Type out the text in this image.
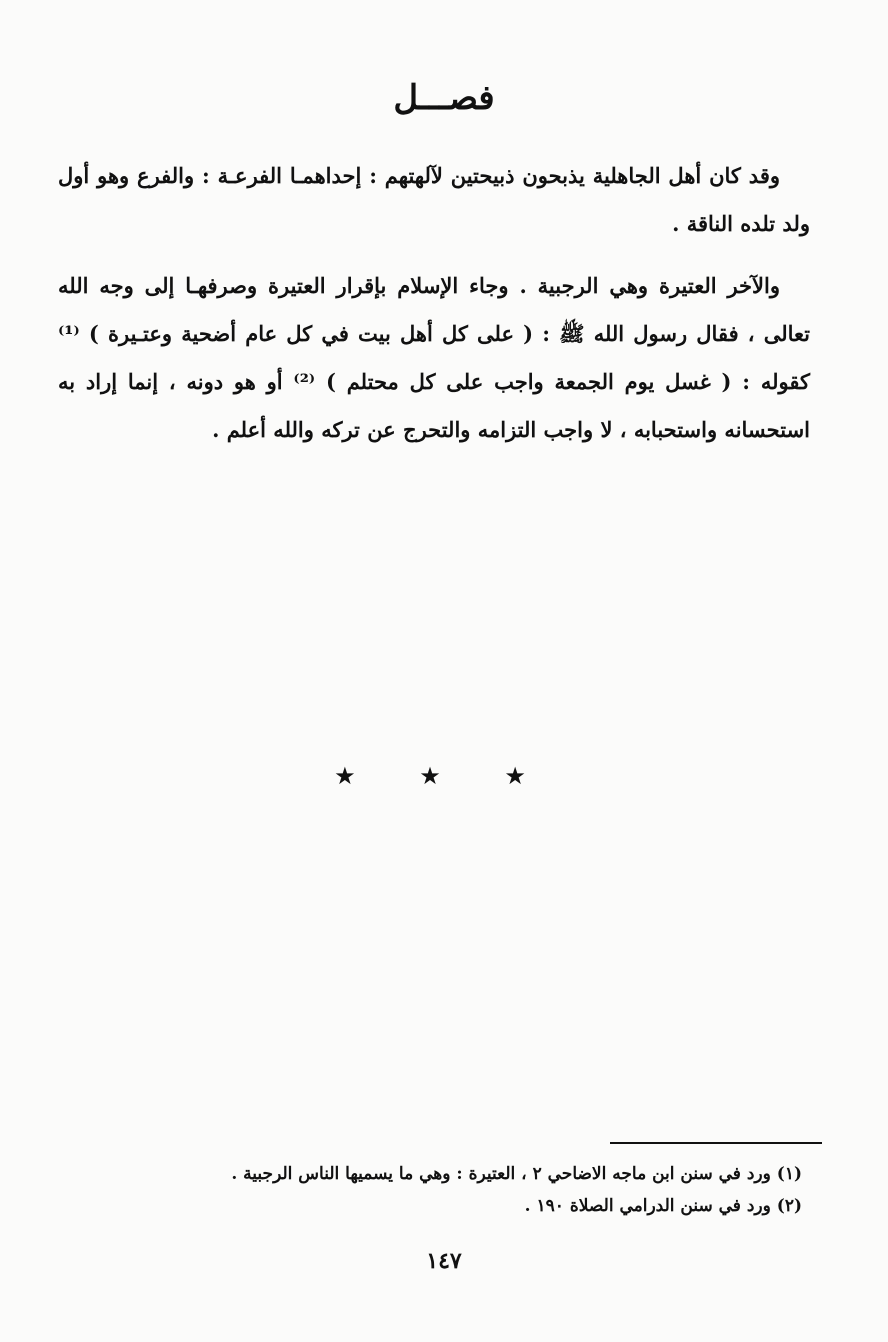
فصـــل

وقد كان أهل الجاهلية يذبحون ذبيحتين لآلهتهم : إحداهمـا الفرعـة : والفرع وهو أول ولد تلده الناقة .

والآخر العتيرة وهي الرجبية . وجاء الإسلام بإقرار العتيرة وصرفهـا إلى وجه الله تعالى ، فقال رسول الله ﷺ : ( على كل أهل بيت في كل عام أضحية وعتـيرة ) ⁽¹⁾ كقوله : ( غسل يوم الجمعة واجب على كل محتلم ) ⁽²⁾ أو هو دونه ، إنما إراد به استحسانه واستحبابه ، لا واجب التزامه والتحرج عن تركه والله أعلم .

★ ★ ★

(١) ورد في سنن ابن ماجه الاضاحي ٢ ، العتيرة : وهي ما يسميها الناس الرجبية .

(٢) ورد في سنن الدرامي الصلاة ١٩٠ .

١٤٧
